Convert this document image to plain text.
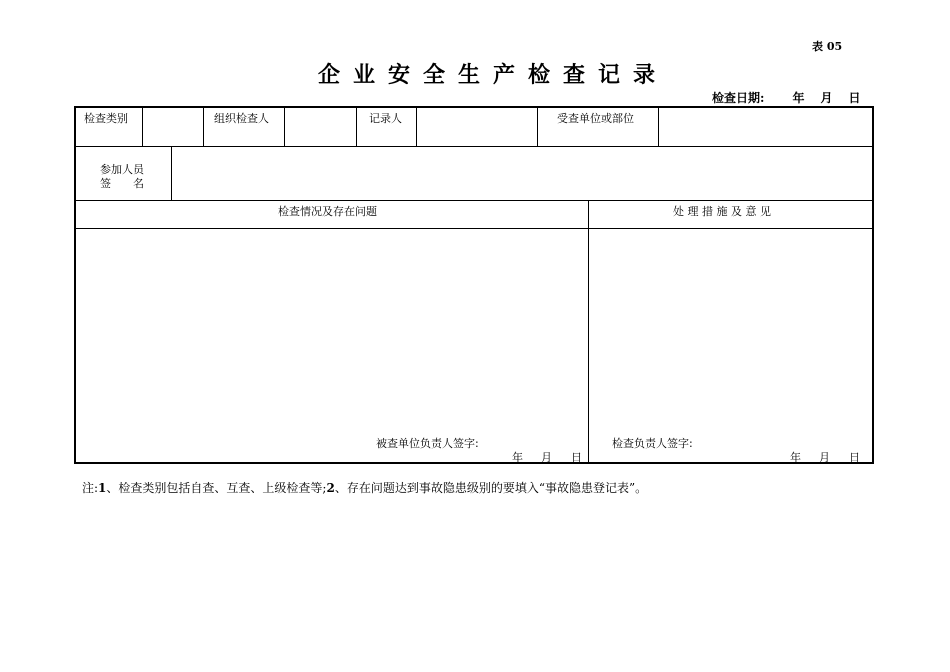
表 05
企业安全生产检查记录
检查日期: 年 月 日
检查类别	组织检查人	记录人	受查单位或部位
参加人员
签　　名
检查情况及存在问题	处 理 措 施 及 意 见
被查单位负责人签字:
年 月 日
检查负责人签字:
年 月 日
注:1、检查类别包括自查、互查、上级检查等;2、存在问题达到事故隐患级别的要填入“事故隐患登记表”。
